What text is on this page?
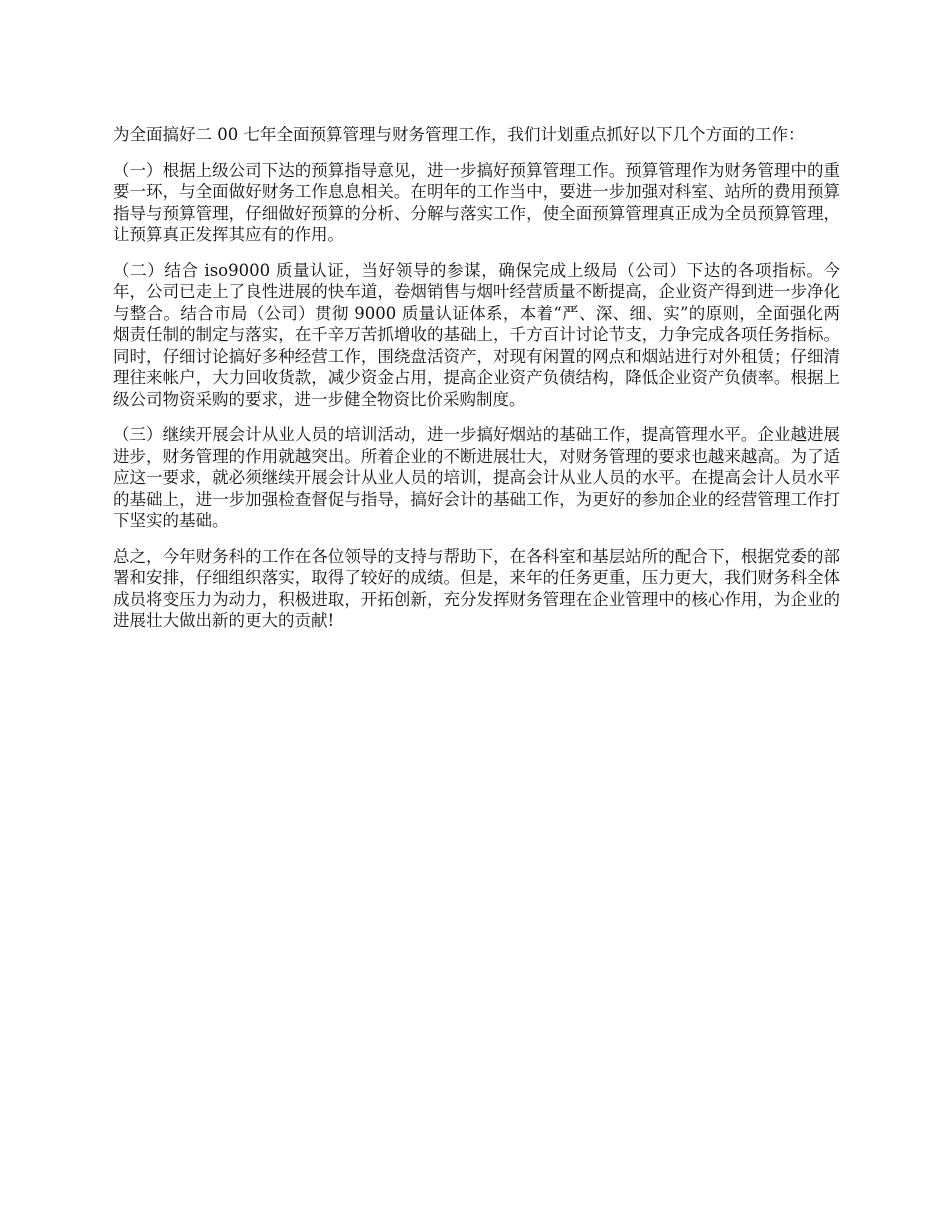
为全面搞好二 00 七年全面预算管理与财务管理工作，我们计划重点抓好以下几个方面的工作：

（一）根据上级公司下达的预算指导意见，进一步搞好预算管理工作。预算管理作为财务管理中的重要一环，与全面做好财务工作息息相关。在明年的工作当中，要进一步加强对科室、站所的费用预算指导与预算管理，仔细做好预算的分析、分解与落实工作，使全面预算管理真正成为全员预算管理，让预算真正发挥其应有的作用。

（二）结合 iso9000 质量认证，当好领导的参谋，确保完成上级局（公司）下达的各项指标。今年，公司已走上了良性进展的快车道，卷烟销售与烟叶经营质量不断提高，企业资产得到进一步净化与整合。结合市局（公司）贯彻 9000 质量认证体系，本着“严、深、细、实”的原则，全面强化两烟责任制的制定与落实，在千辛万苦抓增收的基础上，千方百计讨论节支，力争完成各项任务指标。同时，仔细讨论搞好多种经营工作，围绕盘活资产，对现有闲置的网点和烟站进行对外租赁；仔细清理往来帐户，大力回收货款，减少资金占用，提高企业资产负债结构，降低企业资产负债率。根据上级公司物资采购的要求，进一步健全物资比价采购制度。

（三）继续开展会计从业人员的培训活动，进一步搞好烟站的基础工作，提高管理水平。企业越进展进步，财务管理的作用就越突出。所着企业的不断进展壮大，对财务管理的要求也越来越高。为了适应这一要求，就必须继续开展会计从业人员的培训，提高会计从业人员的水平。在提高会计人员水平的基础上，进一步加强检查督促与指导，搞好会计的基础工作，为更好的参加企业的经营管理工作打下坚实的基础。

总之，今年财务科的工作在各位领导的支持与帮助下，在各科室和基层站所的配合下，根据党委的部署和安排，仔细组织落实，取得了较好的成绩。但是，来年的任务更重，压力更大，我们财务科全体成员将变压力为动力，积极进取，开拓创新，充分发挥财务管理在企业管理中的核心作用，为企业的进展壮大做出新的更大的贡献!
